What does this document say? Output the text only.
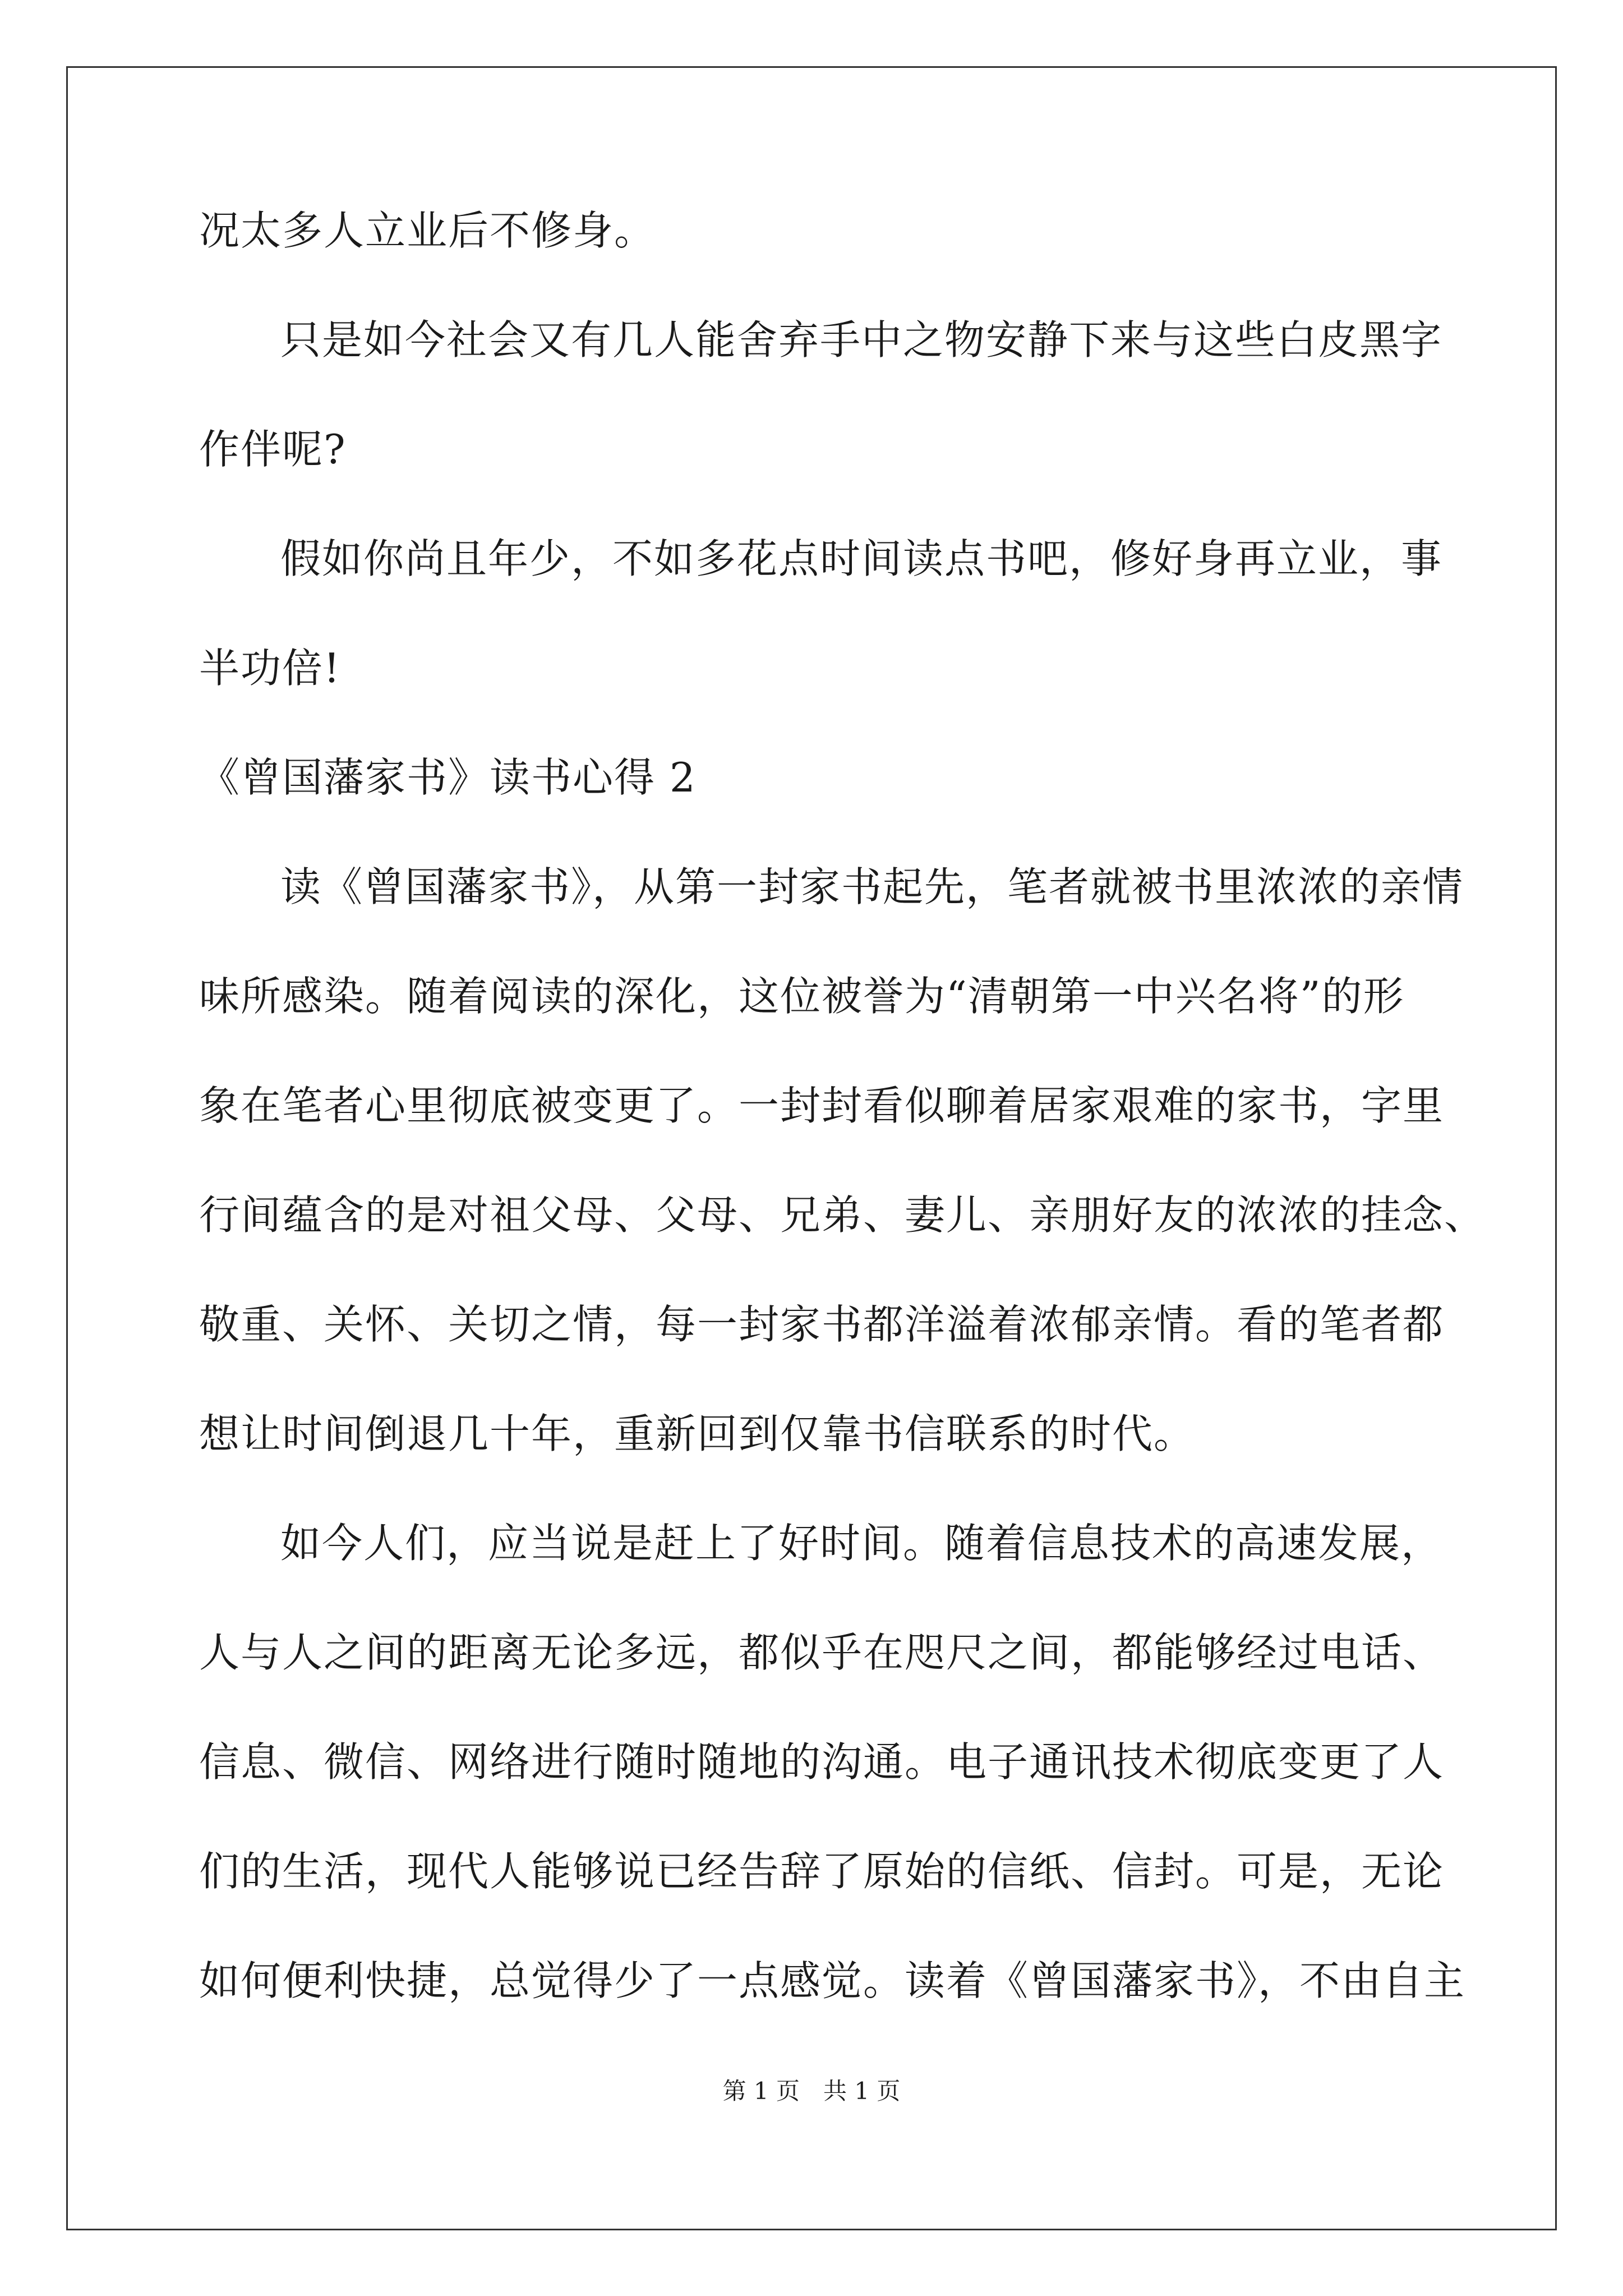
况太多人立业后不修身。
只是如今社会又有几人能舍弃手中之物安静下来与这些白皮黑字
作伴呢?
假如你尚且年少，不如多花点时间读点书吧，修好身再立业，事
半功倍!
《曾国藩家书》读书心得 2
读《曾国藩家书》，从第一封家书起先，笔者就被书里浓浓的亲情
味所感染。随着阅读的深化，这位被誉为“清朝第一中兴名将”的形
象在笔者心里彻底被变更了。一封封看似聊着居家艰难的家书，字里
行间蕴含的是对祖父母、父母、兄弟、妻儿、亲朋好友的浓浓的挂念、
敬重、关怀、关切之情，每一封家书都洋溢着浓郁亲情。看的笔者都
想让时间倒退几十年，重新回到仅靠书信联系的时代。
如今人们，应当说是赶上了好时间。随着信息技术的高速发展，
人与人之间的距离无论多远，都似乎在咫尺之间，都能够经过电话、
信息、微信、网络进行随时随地的沟通。电子通讯技术彻底变更了人
们的生活，现代人能够说已经告辞了原始的信纸、信封。可是，无论
如何便利快捷，总觉得少了一点感觉。读着《曾国藩家书》，不由自主
第 1 页　共 1 页
